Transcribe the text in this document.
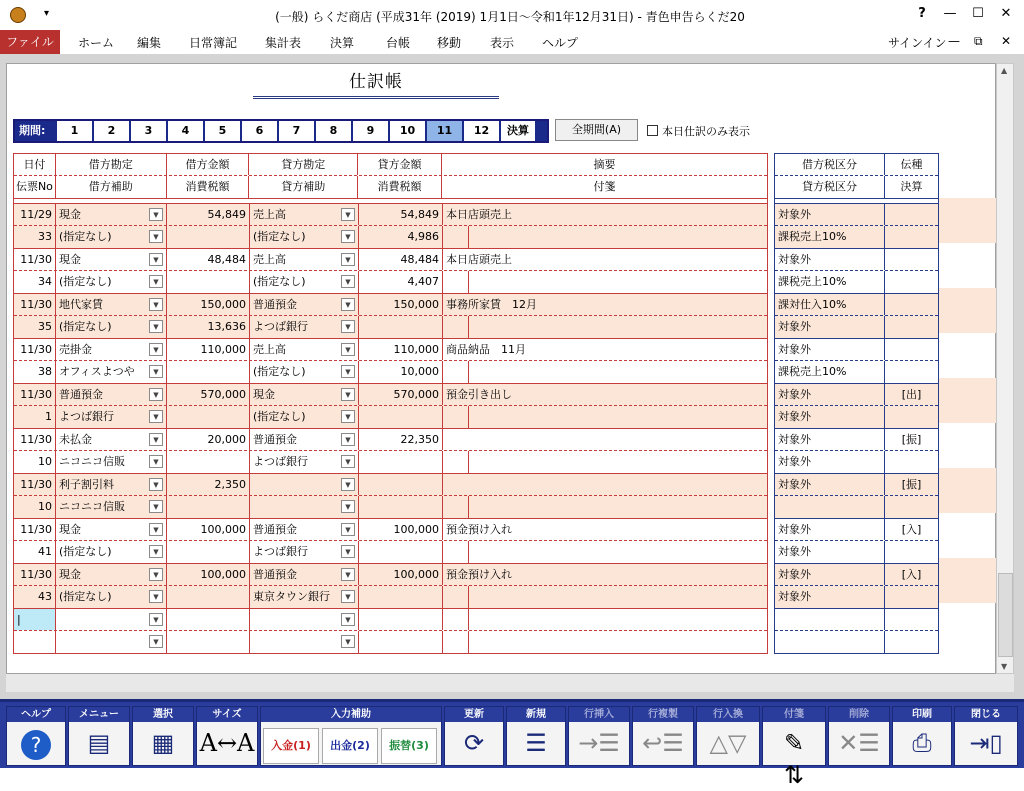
▾	(一般) らくだ商店 (平成31年 (2019) 1月1日～令和1年12月31日) - 青色申告らくだ20	?	—	☐	✕
ホーム 編集 日常簿記 集計表 決算	台帳 移動 表示 ヘルプ	サインイン — ⧉ ✕
ファイル
仕訳帳
期間:	1	2	3	4	5	6	7	8	9	10	11	12	決算	全期間(A)	本日仕訳のみ表示
日付	借方勘定	借方金額	貸方勘定	貸方金額	摘要
伝票No	借方補助	消費税額	貸方補助	消費税額	付箋
11/29 現金	▼	54,849 売上高	▼	54,849 本日店頭売上
33 (指定なし)	▼	(指定なし)	▼	4,986
11/30 現金	▼	48,484 売上高	▼	48,484 本日店頭売上
34 (指定なし)	▼	(指定なし)	▼	4,407
11/30 地代家賃	▼	150,000 普通預金	▼	150,000 事務所家賃　12月
35 (指定なし)	▼	13,636 よつば銀行	▼
11/30 売掛金	▼	110,000 売上高	▼	110,000 商品納品　11月
38 オフィスよつや	▼	(指定なし)	▼	10,000
11/30 普通預金	▼	570,000 現金	▼	570,000 預金引き出し
1 よつば銀行	▼	(指定なし)	▼
11/30 未払金	▼	20,000 普通預金	▼	22,350
10 ニコニコ信販	▼	よつば銀行	▼
11/30 利子割引料	▼	2,350	▼
10 ニコニコ信販	▼	▼
11/30 現金	▼	100,000 普通預金	▼	100,000 預金預け入れ
41 (指定なし)	▼	よつば銀行	▼
11/30 現金	▼	100,000 普通預金	▼	100,000 預金預け入れ
43 (指定なし)	▼	東京タウン銀行	▼
|	▼	▼
▼	▼
借方税区分	伝種
貸方税区分	決算
対象外
課税売上10%
対象外
課税売上10%
課対仕入10%
対象外
対象外
課税売上10%
対象外	[出]
対象外
対象外	[振]
対象外
対象外	[振]
対象外	[入]
対象外
対象外	[入]
対象外
▲
▼
ヘルプ
?
メニュー
▤
選択
▦
サイズ
A↔A
入力補助
入金(1)	出金(2)	振替(3)
更新
⟳
新規
☰
行挿入
→☰
行複製
↩☰
行入換
△▽
付箋
✎ ⇅
削除
✕☰
印刷
⎙
閉じる
⇥▯
